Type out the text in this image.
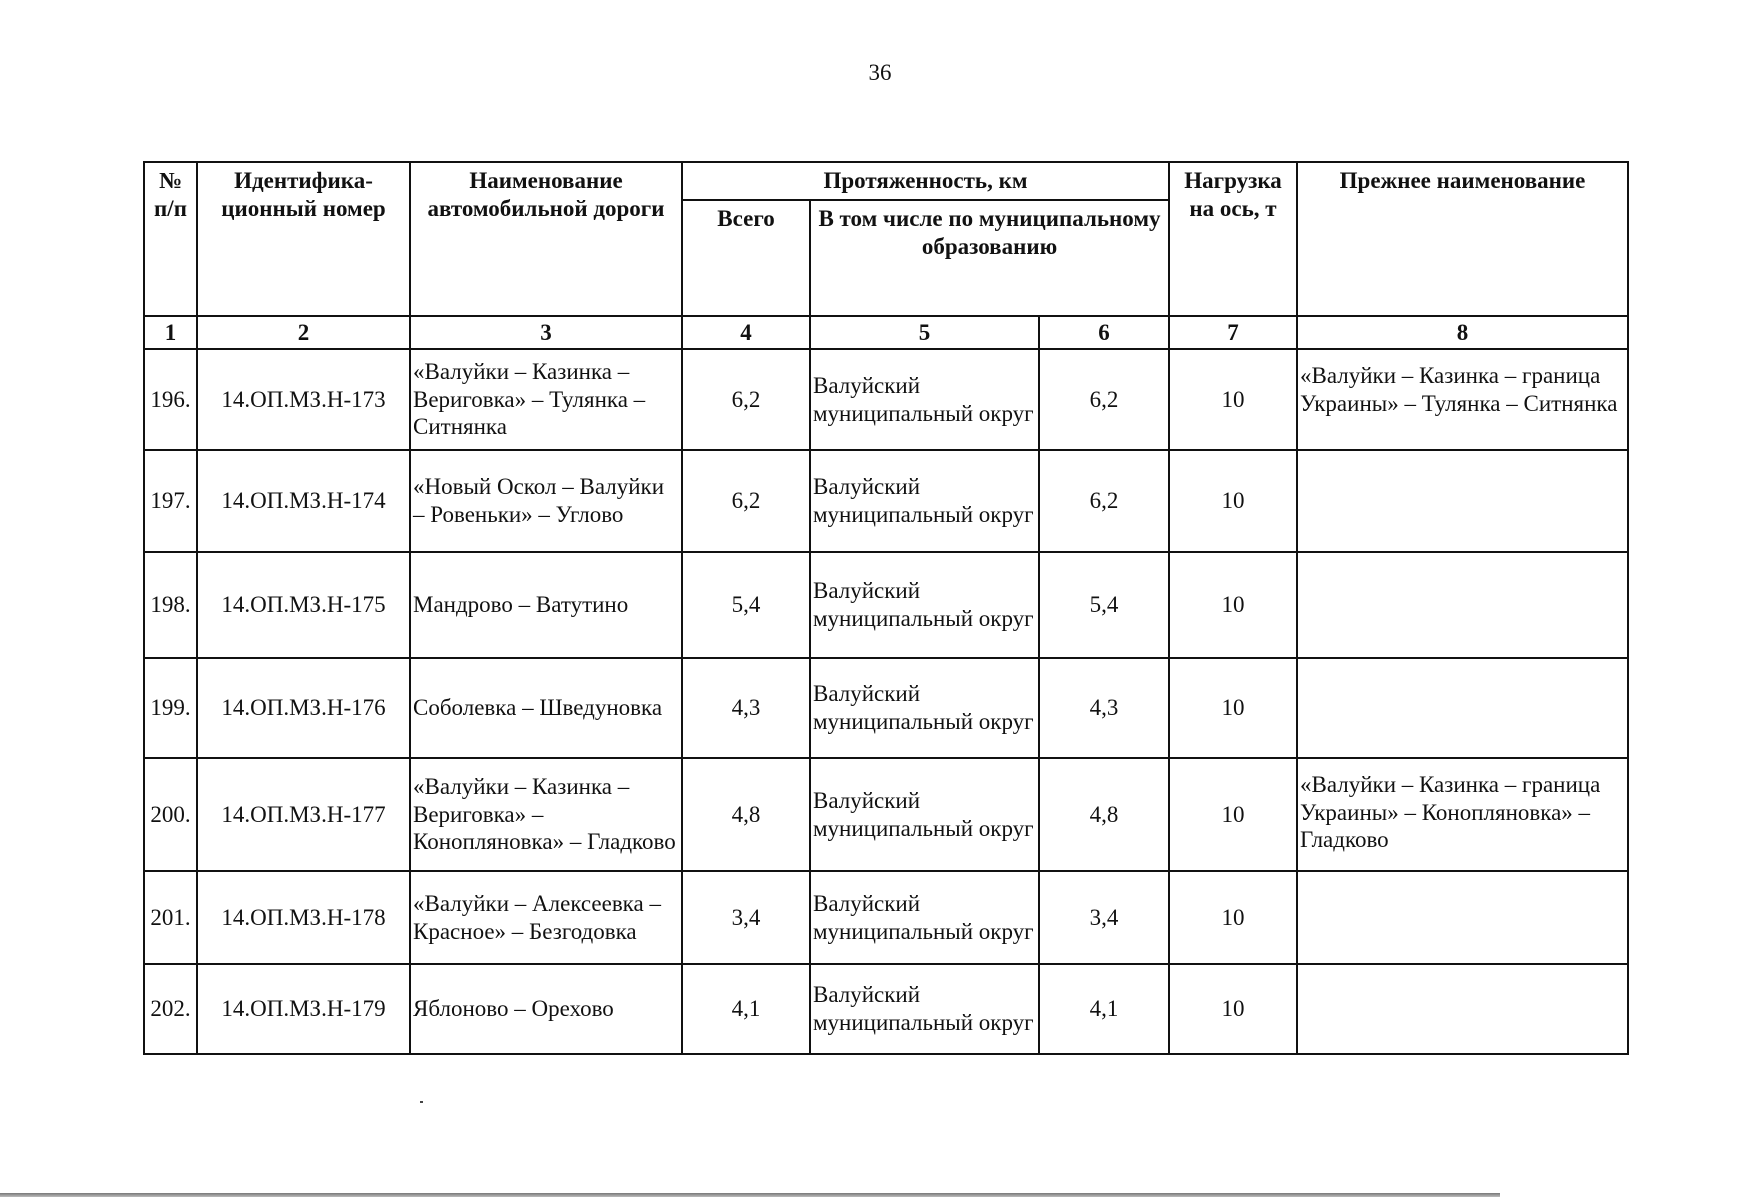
36
№ п/п	Идентифика-ционный номер	Наименование автомобильной дороги	Протяженность, км			Нагрузка на ось, т	Прежнее наименование
			Всего	В том числе по муниципальному образованию			
1	2	3	4	5	6	7	8
196.	14.ОП.МЗ.Н-173	«Валуйки – Казинка – Вериговка» – Тулянка – Ситнянка	6,2	Валуйский муниципальный округ	6,2	10	«Валуйки – Казинка – граница Украины» – Тулянка – Ситнянка
197.	14.ОП.МЗ.Н-174	«Новый Оскол – Валуйки – Ровеньки» – Углово	6,2	Валуйский муниципальный округ	6,2	10	
198.	14.ОП.МЗ.Н-175	Мандрово – Ватутино	5,4	Валуйский муниципальный округ	5,4	10	
199.	14.ОП.МЗ.Н-176	Соболевка – Шведуновка	4,3	Валуйский муниципальный округ	4,3	10	
200.	14.ОП.МЗ.Н-177	«Валуйки – Казинка – Вериговка» – Конопляновка» – Гладково	4,8	Валуйский муниципальный округ	4,8	10	«Валуйки – Казинка – граница Украины» – Конопляновка» – Гладково
201.	14.ОП.МЗ.Н-178	«Валуйки – Алексеевка – Красное» – Безгодовка	3,4	Валуйский муниципальный округ	3,4	10	
202.	14.ОП.МЗ.Н-179	Яблоново – Орехово	4,1	Валуйский муниципальный округ	4,1	10	
